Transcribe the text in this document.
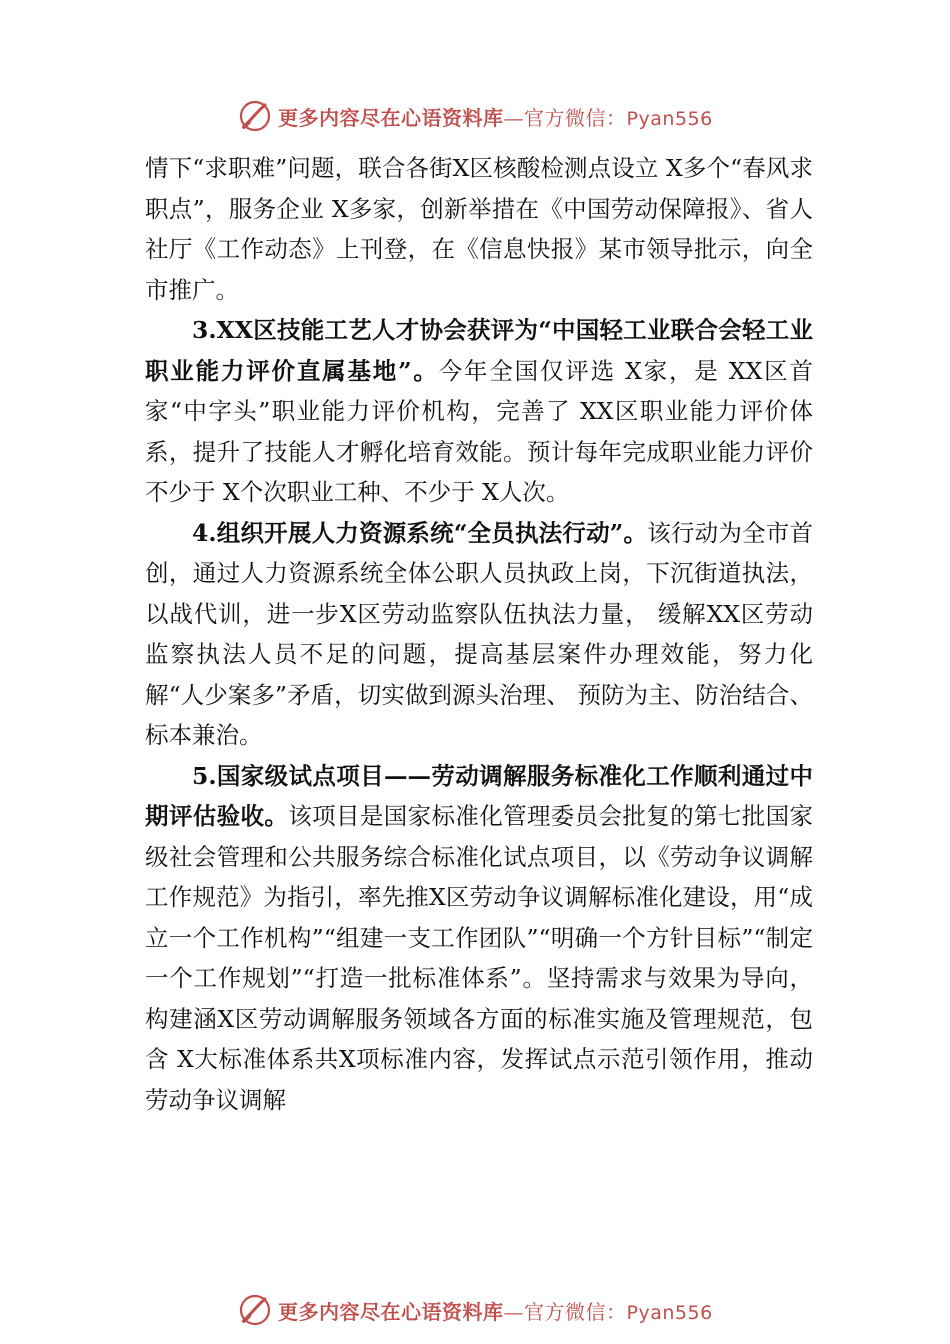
更多内容尽在心语资料库—官方微信：Pyan556

情下“求职难”问题，联合各街X区核酸检测点设立 X多个“春风求职点”，服务企业 X多家，创新举措在《中国劳动保障报》、省人社厅《工作动态》上刊登，在《信息快报》某市领导批示，向全市推广。

3.XX区技能工艺人才协会获评为“中国轻工业联合会轻工业职业能力评价直属基地”。今年全国仅评选 X家，是 XX区首家“中字头”职业能力评价机构，完善了 XX区职业能力评价体系，提升了技能人才孵化培育效能。预计每年完成职业能力评价不少于 X个次职业工种、不少于 X人次。

4.组织开展人力资源系统“全员执法行动”。该行动为全市首创，通过人力资源系统全体公职人员执政上岗，下沉街道执法，以战代训，进一步X区劳动监察队伍执法力量， 缓解XX区劳动监察执法人员不足的问题，提高基层案件办理效能，努力化解“人少案多”矛盾，切实做到源头治理、 预防为主、防治结合、标本兼治。

5.国家级试点项目——劳动调解服务标准化工作顺利通过中期评估验收。该项目是国家标准化管理委员会批复的第七批国家级社会管理和公共服务综合标准化试点项目，以《劳动争议调解工作规范》为指引，率先推X区劳动争议调解标准化建设，用“成立一个工作机构”“组建一支工作团队”“明确一个方针目标”“制定一个工作规划”“打造一批标准体系”。坚持需求与效果为导向，构建涵X区劳动调解服务领域各方面的标准实施及管理规范，包含 X大标准体系共X项标准内容，发挥试点示范引领作用，推动劳动争议调解

更多内容尽在心语资料库—官方微信：Pyan556
